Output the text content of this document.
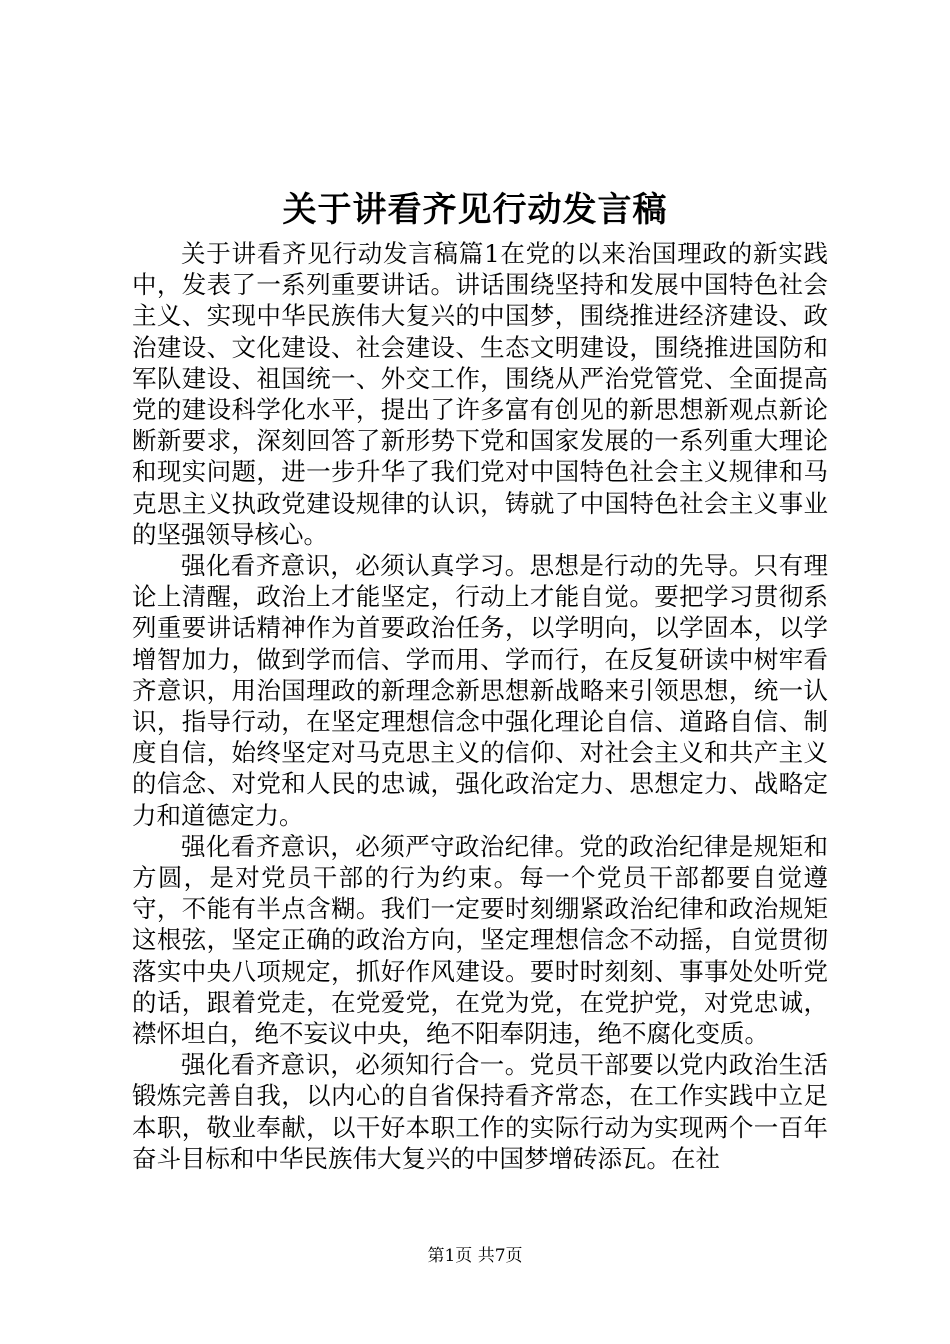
关于讲看齐见行动发言稿

关于讲看齐见行动发言稿篇1在党的以来治国理政的新实践中，发表了一系列重要讲话。讲话围绕坚持和发展中国特色社会主义、实现中华民族伟大复兴的中国梦，围绕推进经济建设、政治建设、文化建设、社会建设、生态文明建设，围绕推进国防和军队建设、祖国统一、外交工作，围绕从严治党管党、全面提高党的建设科学化水平，提出了许多富有创见的新思想新观点新论断新要求，深刻回答了新形势下党和国家发展的一系列重大理论和现实问题，进一步升华了我们党对中国特色社会主义规律和马克思主义执政党建设规律的认识，铸就了中国特色社会主义事业的坚强领导核心。

强化看齐意识，必须认真学习。思想是行动的先导。只有理论上清醒，政治上才能坚定，行动上才能自觉。要把学习贯彻系列重要讲话精神作为首要政治任务，以学明向，以学固本，以学增智加力，做到学而信、学而用、学而行，在反复研读中树牢看齐意识，用治国理政的新理念新思想新战略来引领思想，统一认识，指导行动，在坚定理想信念中强化理论自信、道路自信、制度自信，始终坚定对马克思主义的信仰、对社会主义和共产主义的信念、对党和人民的忠诚，强化政治定力、思想定力、战略定力和道德定力。

强化看齐意识，必须严守政治纪律。党的政治纪律是规矩和方圆，是对党员干部的行为约束。每一个党员干部都要自觉遵守，不能有半点含糊。我们一定要时刻绷紧政治纪律和政治规矩这根弦，坚定正确的政治方向，坚定理想信念不动摇，自觉贯彻落实中央八项规定，抓好作风建设。要时时刻刻、事事处处听党的话，跟着党走，在党爱党，在党为党，在党护党，对党忠诚，襟怀坦白，绝不妄议中央，绝不阳奉阴违，绝不腐化变质。

强化看齐意识，必须知行合一。党员干部要以党内政治生活锻炼完善自我，以内心的自省保持看齐常态，在工作实践中立足本职，敬业奉献，以干好本职工作的实际行动为实现两个一百年奋斗目标和中华民族伟大复兴的中国梦增砖添瓦。在社

第1页 共7页
